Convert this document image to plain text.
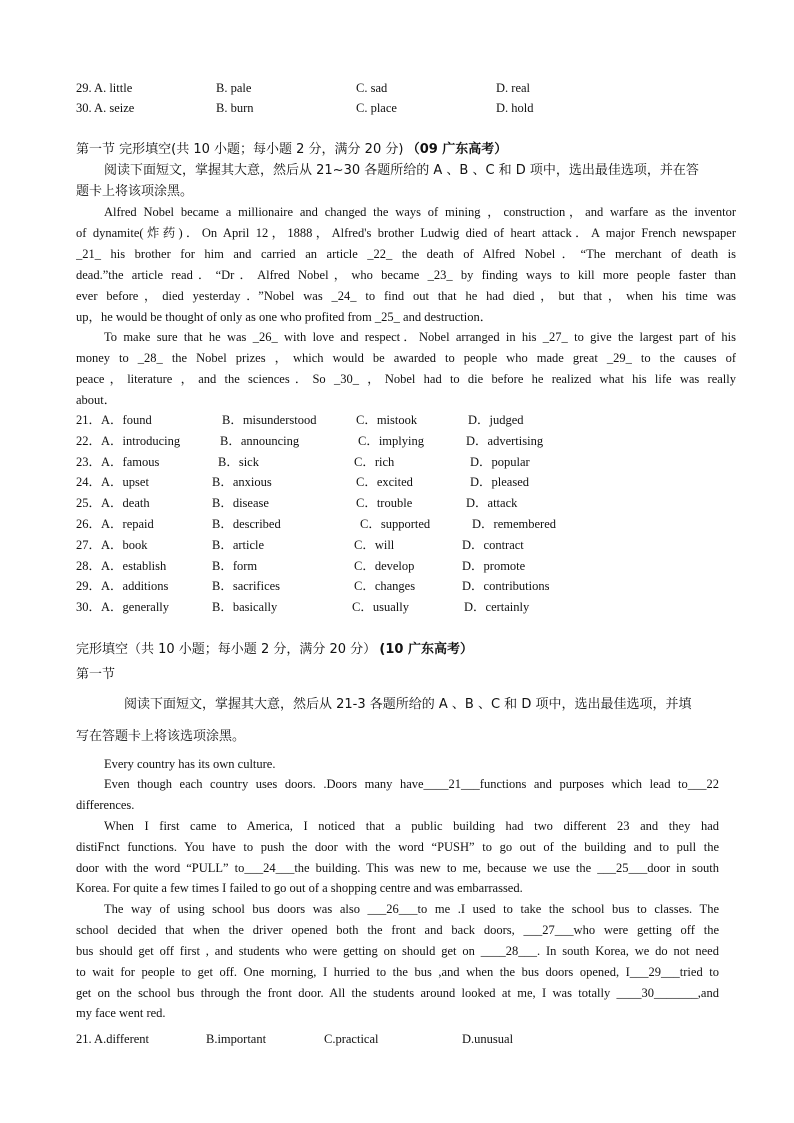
29. A. little	B. pale	C. sad	D. real
30. A. seize	B. burn	C. place	D. hold
第一节 完形填空(共 10 小题；每小题 2 分，满分 20 分) （09 广东高考）
阅读下面短文，掌握其大意，然后从 21~30 各题所给的 A 、B 、C 和 D 项中，选出最佳选项，并在答
题卡上将该项涂黑。
Alfred Nobel became a millionaire and changed the ways of mining ，construction，and warfare as the inventor
of dynamite(炸药)．On April 12，1888，Alfred's brother Ludwig died of heart attack．A major French newspaper
_21_ his brother for him and carried an article _22_ the death of Alfred Nobel．“The merchant of death is
dead.”the article read．“Dr．Alfred Nobel，who became _23_ by finding ways to kill more people faster than
ever before，died yesterday．”Nobel was _24_ to find out that he had died，but that，when his time was
up，he would be thought of only as one who profited from _25_ and destruction．
To make sure that he was _26_ with love and respect．Nobel arranged in his _27_ to give the largest part of his
money to _28_ the Nobel prizes ，which would be awarded to people who made great _29_ to the causes of
peace，literature ，and the sciences．So _30_ ，Nobel had to die before he realized what his life was really
about．
21．A．found	B．misunderstood	C．mistook	D．judged
22．A．introducing	B．announcing	C．implying	D．advertising
23．A．famous	B．sick	C．rich	D．popular
24．A．upset	B．anxious	C．excited	D．pleased
25．A．death	B．disease	C．trouble	D．attack
26．A．repaid	B．described	C．supported	D．remembered
27．A．book	B．article	C．will	D．contract
28．A．establish	B．form	C．develop	D．promote
29．A．additions	B．sacrifices	C．changes	D．contributions
30．A．generally	B．basically	C．usually	D．certainly
完形填空（共 10 小题；每小题 2 分，满分 20 分） (10 广东高考）
第一节
阅读下面短文，掌握其大意，然后从 21-3 各题所给的 A 、B 、C 和 D 项中，选出最佳选项，并填
写在答题卡上将该选项涂黑。
Every country has its own culture.
Even though each country uses doors. .Doors many have____21___functions and purposes which lead to___22
differences.
When I first came to America, I noticed that a public building had two different 23 and they had
distiFnct functions. You have to push the door with the word “PUSH” to go out of the building and to pull the
door with the word “PULL” to___24___the building. This was new to me, because we use the ___25___door in south
Korea. For quite a few times I failed to go out of a shopping centre and was embarrassed.
The way of using school bus doors was also ___26___to me .I used to take the school bus to classes. The
school decided that when the driver opened both the front and back doors, ___27___who were getting off the
bus should get off first , and students who were getting on should get on ____28___. In south Korea, we do not need
to wait for people to get off. One morning, I hurried to the bus ,and when the bus doors opened, I___29___tried to
get on the school bus through the front door. All the students around looked at me, I was totally ____30_______,and
my face went red.
21. A.different	B.important	C.practical	D.unusual
